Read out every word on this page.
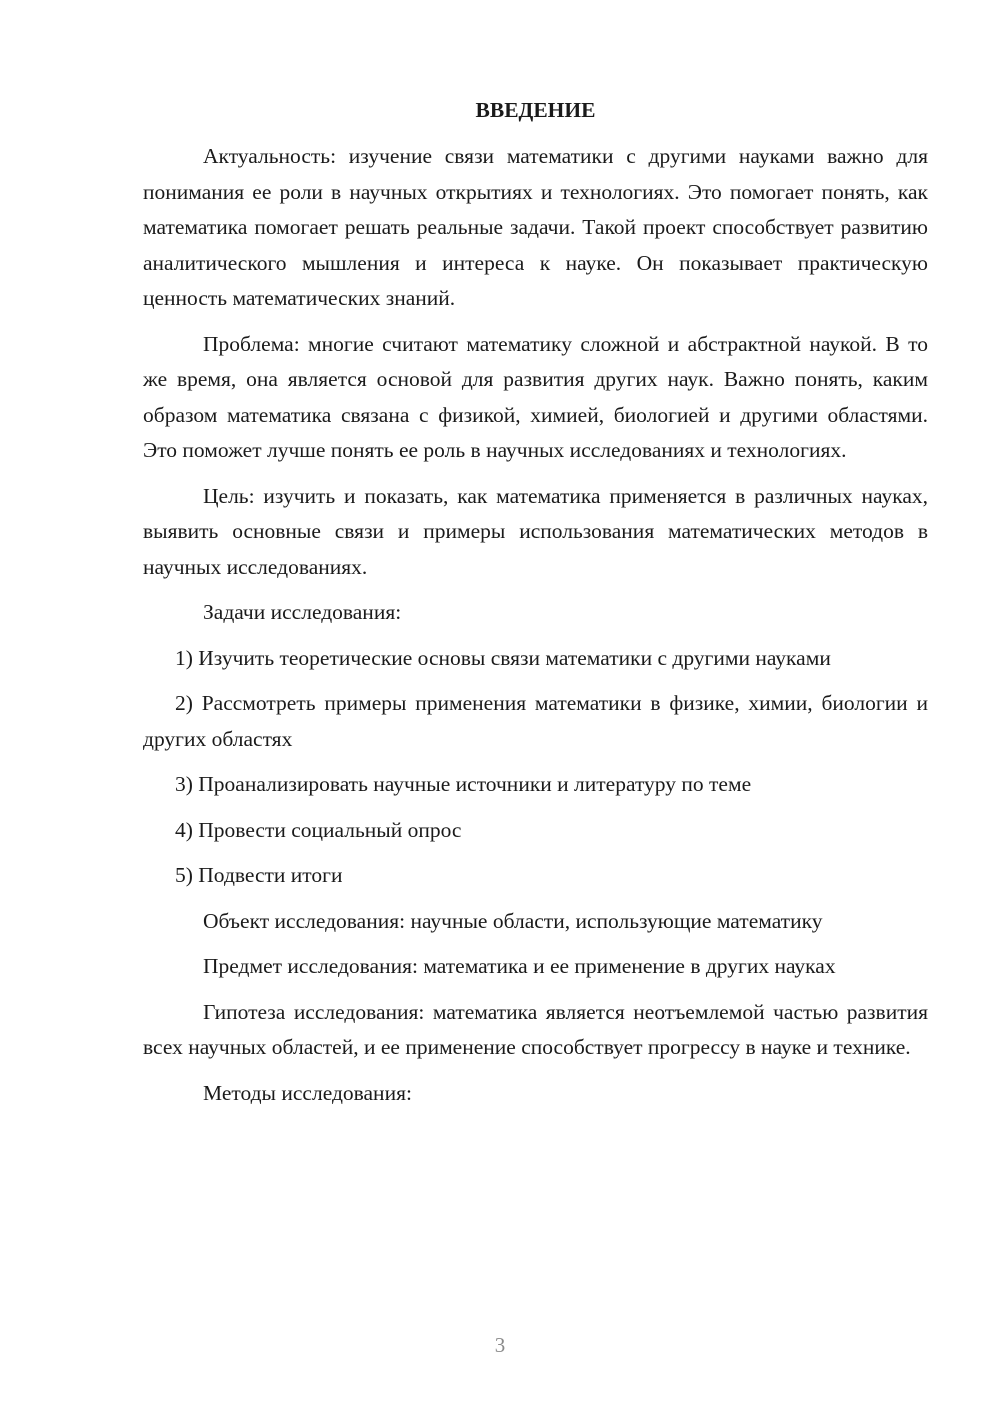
ВВЕДЕНИЕ

Актуальность: изучение связи математики с другими науками важно для понимания ее роли в научных открытиях и технологиях. Это помогает понять, как математика помогает решать реальные задачи. Такой проект способствует развитию аналитического мышления и интереса к науке. Он показывает практическую ценность математических знаний.

Проблема: многие считают математику сложной и абстрактной наукой. В то же время, она является основой для развития других наук. Важно понять, каким образом математика связана с физикой, химией, биологией и другими областями. Это поможет лучше понять ее роль в научных исследованиях и технологиях.

Цель: изучить и показать, как математика применяется в различных науках, выявить основные связи и примеры использования математических методов в научных исследованиях.

Задачи исследования:

1) Изучить теоретические основы связи математики с другими науками

2) Рассмотреть примеры применения математики в физике, химии, биологии и других областях

3) Проанализировать научные источники и литературу по теме

4) Провести социальный опрос

5) Подвести итоги

Объект исследования: научные области, использующие математику

Предмет исследования: математика и ее применение в других науках

Гипотеза исследования: математика является неотъемлемой частью развития всех научных областей, и ее применение способствует прогрессу в науке и технике.

Методы исследования:

3
